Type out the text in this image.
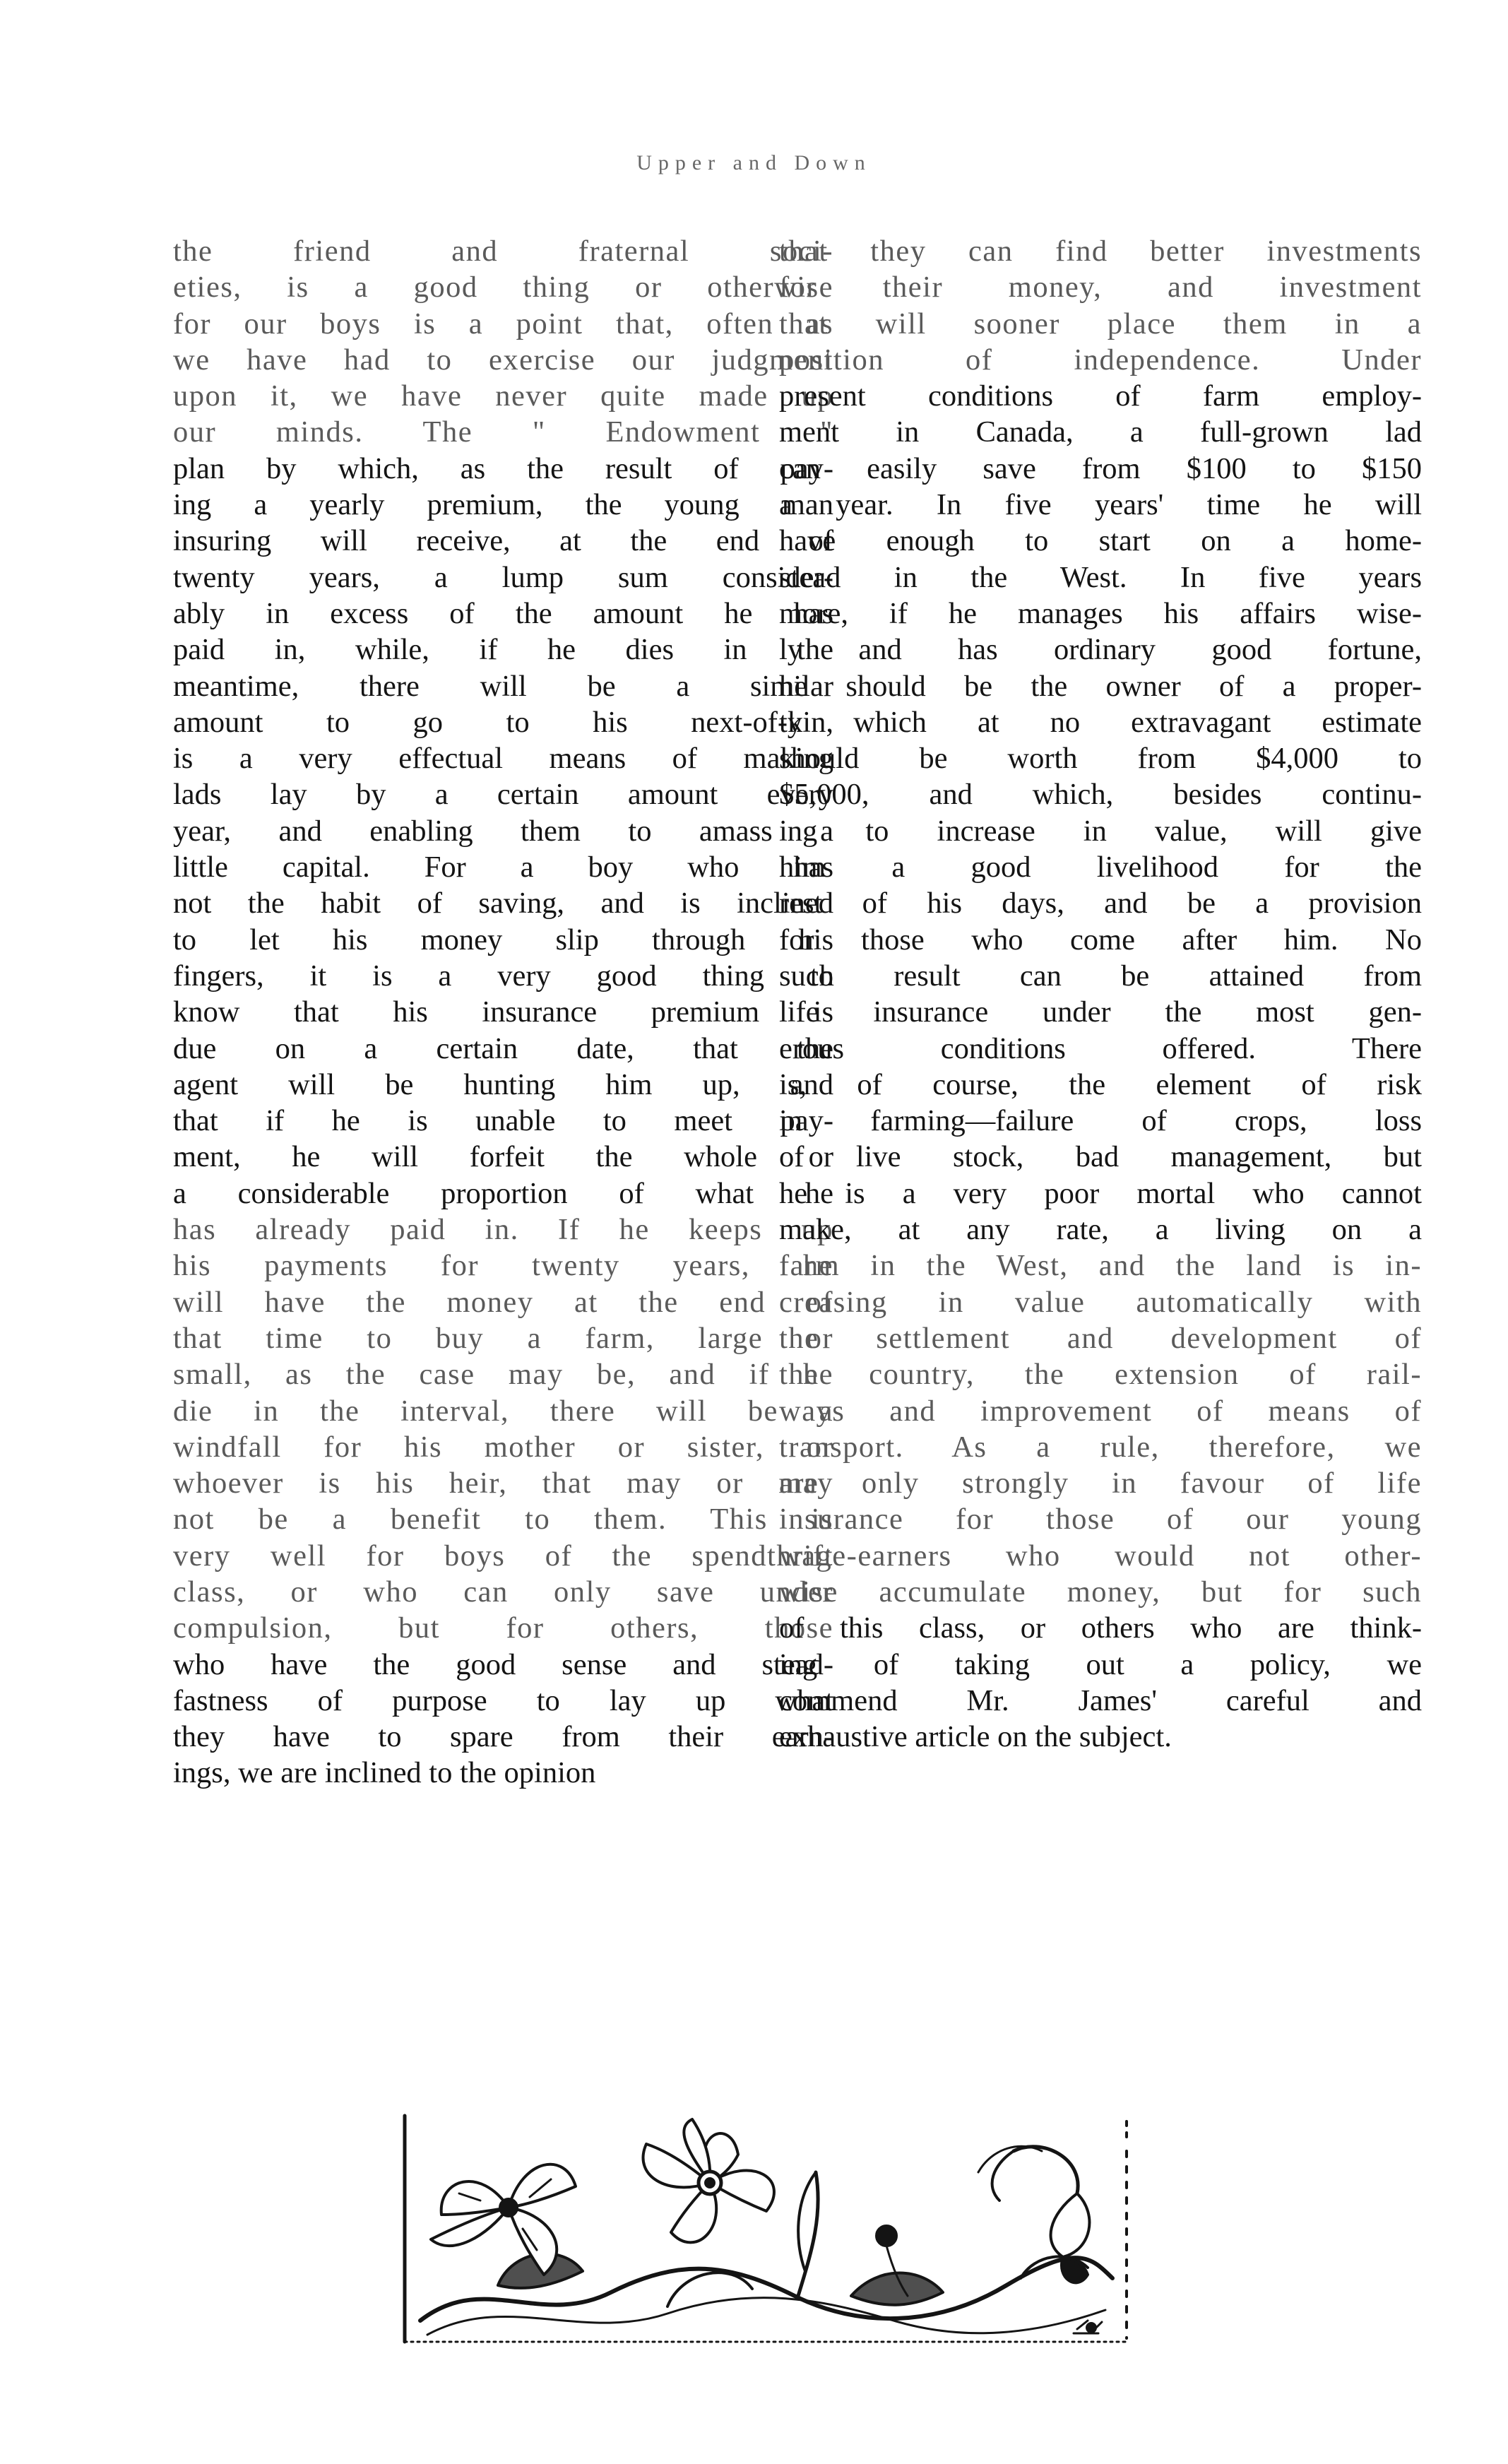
Upper and Down
the friend and fraternal soci-
eties, is a good thing or otherwise
for our boys is a point that, often as
we have had to exercise our judgment
upon it, we have never quite made up
our minds. The " Endowment "
plan by which, as the result of pay-
ing a yearly premium, the young man
insuring will receive, at the end of
twenty years, a lump sum consider-
ably in excess of the amount he has
paid in, while, if he dies in the
meantime, there will be a similar
amount to go to his next-of-kin,
is a very effectual means of making
lads lay by a certain amount every
year, and enabling them to amass a
little capital. For a boy who has
not the habit of saving, and is inclined
to let his money slip through his
fingers, it is a very good thing to
know that his insurance premium is
due on a certain date, that the
agent will be hunting him up, and
that if he is unable to meet pay-
ment, he will forfeit the whole or
a considerable proportion of what he
has already paid in. If he keeps up
his payments for twenty years, he
will have the money at the end of
that time to buy a farm, large or
small, as the case may be, and if he
die in the interval, there will be a
windfall for his mother or sister, or
whoever is his heir, that may or may
not be a benefit to them. This is
very well for boys of the spendthrift
class, or who can only save under
compulsion, but for others, those
who have the good sense and stead-
fastness of purpose to lay up what
they have to spare from their earn-
ings, we are inclined to the opinion
that they can find better investments
for their money, and investment
that will sooner place them in a
position of independence. Under
present conditions of farm employ-
ment in Canada, a full-grown lad
can easily save from $100 to $150
a year. In five years' time he will
have enough to start on a home-
stead in the West. In five years
more, if he manages his affairs wise-
ly and has ordinary good fortune,
he should be the owner of a proper-
ty which at no extravagant estimate
should be worth from $4,000 to
$5,000, and which, besides continu-
ing to increase in value, will give
him a good livelihood for the
rest of his days, and be a provision
for those who come after him. No
such result can be attained from
life insurance under the most gen-
erous conditions offered. There
is, of course, the element of risk
in farming—failure of crops, loss
of live stock, bad management, but
he is a very poor mortal who cannot
make, at any rate, a living on a
farm in the West, and the land is in-
creasing in value automatically with
the settlement and development of
the country, the extension of rail-
ways and improvement of means of
transport. As a rule, therefore, we
are only strongly in favour of life
insurance for those of our young
wage-earners who would not other-
wise accumulate money, but for such
of this class, or others who are think-
ing of taking out a policy, we
commend Mr. James' careful and
exhaustive article on the subject.
